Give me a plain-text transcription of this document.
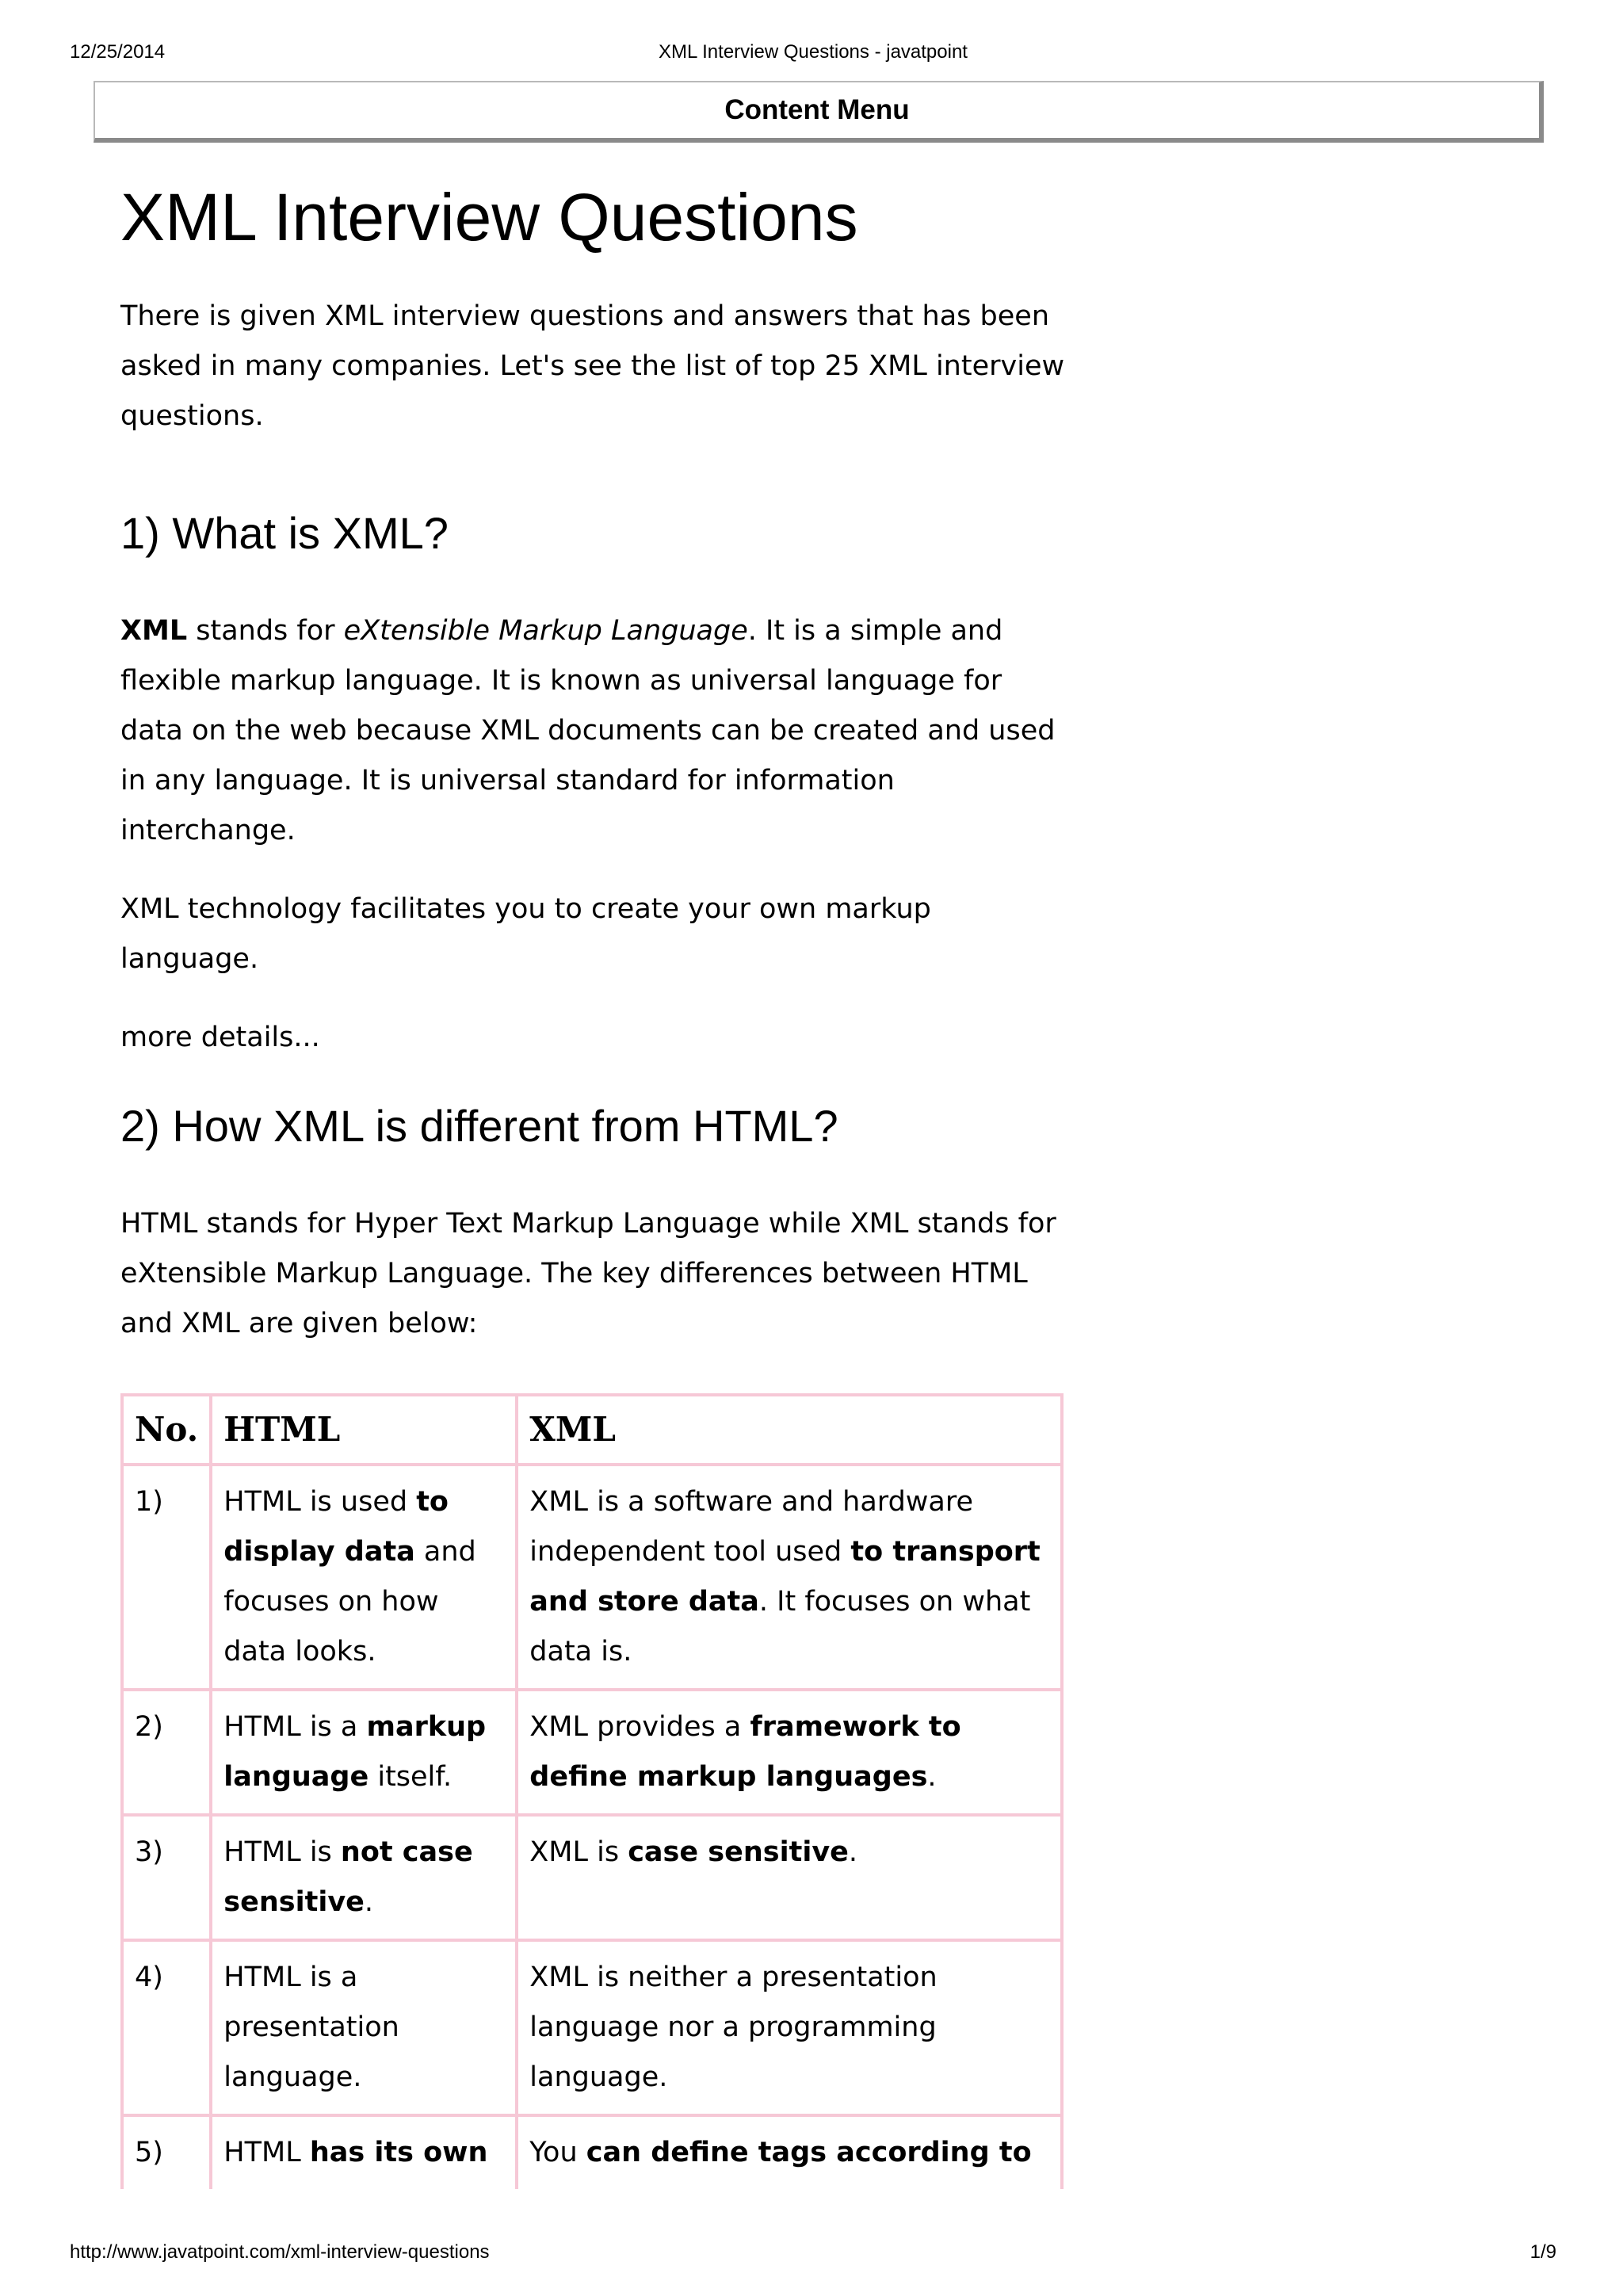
12/25/2014	XML Interview Questions - javatpoint
Content Menu
XML Interview Questions

There is given XML interview questions and answers that has been asked in many companies. Let's see the list of top 25 XML interview questions.

1) What is XML?

XML stands for eXtensible Markup Language. It is a simple and flexible markup language. It is known as universal language for data on the web because XML documents can be created and used in any language. It is universal standard for information interchange.

XML technology facilitates you to create your own markup language.

more details...

2) How XML is different from HTML?

HTML stands for Hyper Text Markup Language while XML stands for eXtensible Markup Language. The key differences between HTML and XML are given below:

No.	HTML	XML
1)	HTML is used to display data and focuses on how data looks.	XML is a software and hardware independent tool used to transport and store data. It focuses on what data is.
2)	HTML is a markup language itself.	XML provides a framework to define markup languages.
3)	HTML is not case sensitive.	XML is case sensitive.
4)	HTML is a presentation language.	XML is neither a presentation language nor a programming language.
5)	HTML has its own	You can define tags according to
http://www.javatpoint.com/xml-interview-questions	1/9
